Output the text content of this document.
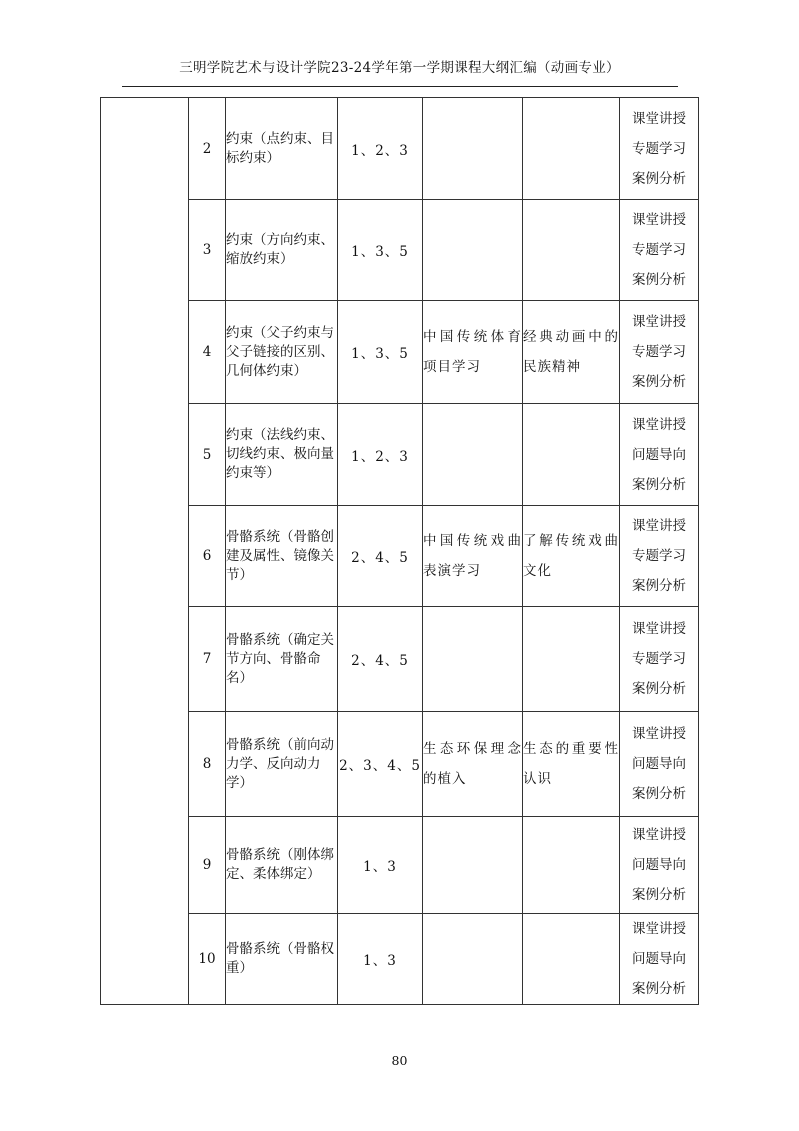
三明学院艺术与设计学院23-24学年第一学期课程大纲汇编（动画专业）
	2	约束（点约束、目标约束）	1、2、3			课堂讲授
专题学习
案例分析

	3	约束（方向约束、缩放约束）	1、3、5			课堂讲授
专题学习
案例分析

	4	约束（父子约束与父子链接的区别、几何体约束）	1、3、5	中国传统体育项目学习	经典动画中的民族精神	课堂讲授
专题学习
案例分析

	5	约束（法线约束、切线约束、极向量约束等）	1、2、3			课堂讲授
问题导向
案例分析

	6	骨骼系统（骨骼创建及属性、镜像关节）	2、4、5	中国传统戏曲表演学习	了解传统戏曲文化	课堂讲授
专题学习
案例分析

	7	骨骼系统（确定关节方向、骨骼命名）	2、4、5			课堂讲授
专题学习
案例分析

	8	骨骼系统（前向动力学、反向动力学）	2、3、4、5	生态环保理念的植入	生态的重要性认识	课堂讲授
问题导向
案例分析

	9	骨骼系统（刚体绑定、柔体绑定）	1、3			课堂讲授
问题导向
案例分析

	10	骨骼系统（骨骼权重）	1、3			课堂讲授
问题导向
案例分析
80
